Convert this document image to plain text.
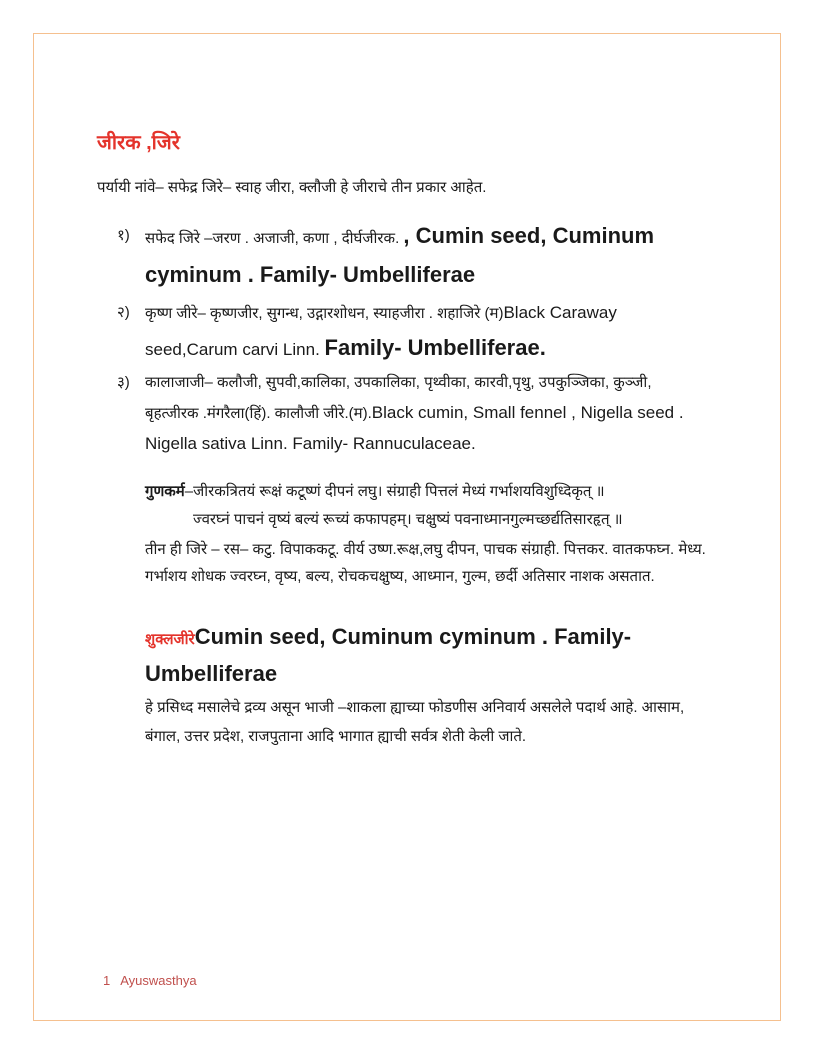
जीरक ,जिरे
पर्यायी नांवे– सफेद्र जिरे– स्वाह जीरा, क्लौजी हे जीराचे तीन प्रकार आहेत.
१) सफेद जिरे –जरण . अजाजी, कणा , दीर्घजीरक. , Cumin seed, Cuminum cyminum . Family- Umbelliferae
२) कृष्ण जीरे– कृष्णजीर, सुगन्ध, उद्गारशोधन, स्याहजीरा . शहाजिरे (म)Black Caraway seed,Carum carvi Linn. Family- Umbelliferae.
३) कालाजाजी– कलौजी, सुपवी,कालिका, उपकालिका, पृथ्वीका, कारवी,पृथु, उपकुञ्जिका, कुञ्जी, बृहत्जीरक .मंगरैला(हिं). कालौजी जीरे.(म).Black cumin, Small fennel , Nigella seed . Nigella sativa Linn. Family- Rannuculaceae.
गुणकर्म–जीरकत्रितयं रूक्षं कटूष्णं दीपनं लघु। संग्राही पित्तलं मेध्यं गर्भाशयविशुध्दिकृत् ॥
ज्वरघ्नं पाचनं वृष्यं बल्यं रूच्यं कफापहम्। चक्षुष्यं पवनाध्मानगुल्मच्छर्द्यतिसारहृत् ॥
तीन ही जिरे – रस– कटु. विपाककटू. वीर्य उष्ण.रूक्ष,लघु दीपन, पाचक संग्राही. पित्तकर. वातकफघ्न. मेध्य. गर्भाशय शोधक ज्वरघ्न, वृष्य, बल्य, रोचकचक्षुष्य, आध्मान, गुल्म, छर्दी अतिसार नाशक असतात.
शुक्लजीरेCumin seed, Cuminum cyminum . Family- Umbelliferae
हे प्रसिध्द मसालेचे द्रव्य असून भाजी –शाकला ह्याच्या फोडणीस अनिवार्य असलेले पदार्थ आहे. आसाम, बंगाल, उत्तर प्रदेश, राजपुताना आदि भागात ह्याची सर्वत्र शेती केली जाते.
1 Ayuswasthya
